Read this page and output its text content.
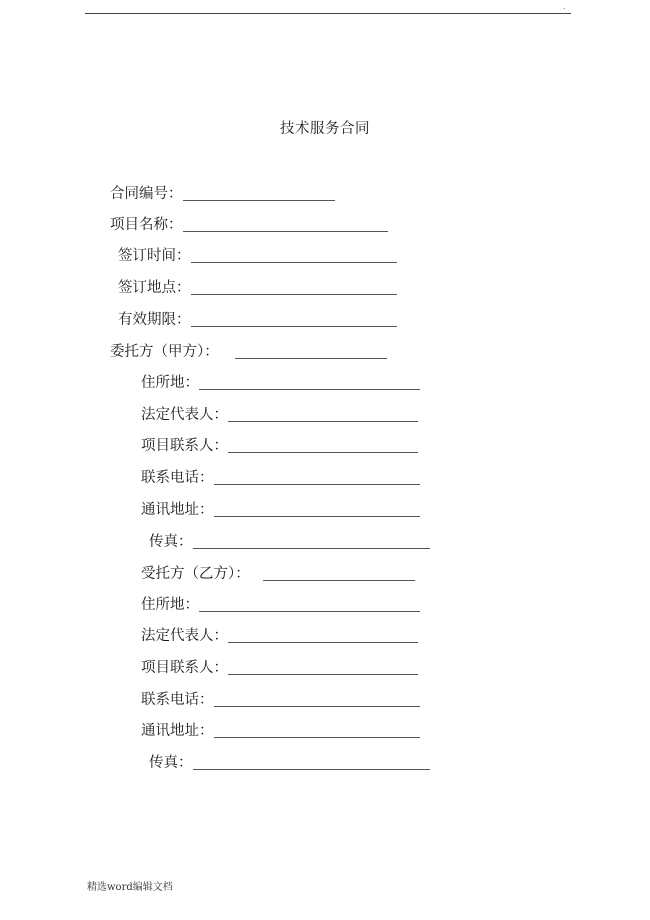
.
技术服务合同
合同编号：
项目名称：
签订时间：
签订地点：
有效期限：
委托方（甲方）：
住所地：
法定代表人：
项目联系人：
联系电话：
通讯地址：
传真：
受托方（乙方）：
住所地：
法定代表人：
项目联系人：
联系电话：
通讯地址：
传真：
精选word编辑文档
